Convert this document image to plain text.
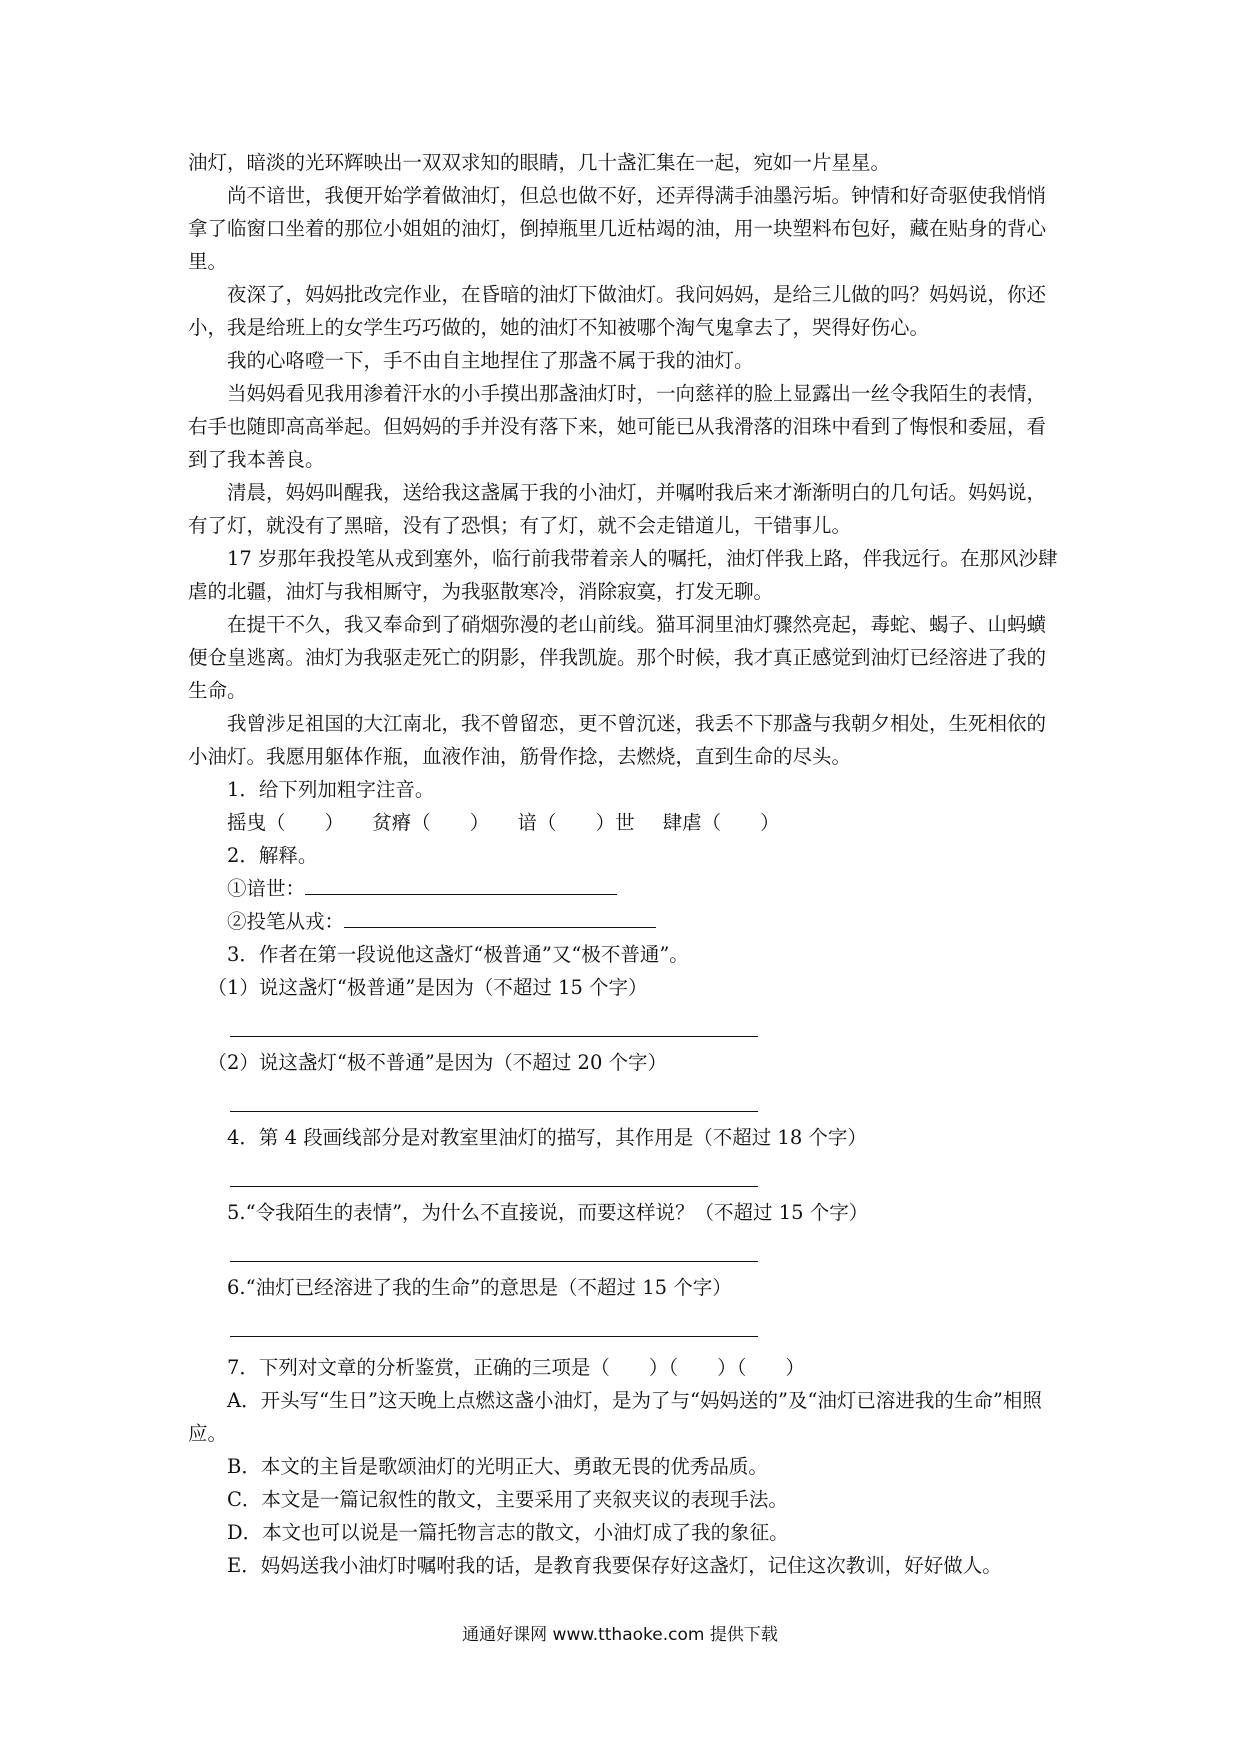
油灯，暗淡的光环辉映出一双双求知的眼睛，几十盏汇集在一起，宛如一片星星。

尚不谙世，我便开始学着做油灯，但总也做不好，还弄得满手油墨污垢。钟情和好奇驱使我悄悄拿了临窗口坐着的那位小姐姐的油灯，倒掉瓶里几近枯竭的油，用一块塑料布包好，藏在贴身的背心里。

夜深了，妈妈批改完作业，在昏暗的油灯下做油灯。我问妈妈，是给三儿做的吗？妈妈说，你还小，我是给班上的女学生巧巧做的，她的油灯不知被哪个淘气鬼拿去了，哭得好伤心。

我的心咯噔一下，手不由自主地捏住了那盏不属于我的油灯。

当妈妈看见我用渗着汗水的小手摸出那盏油灯时，一向慈祥的脸上显露出一丝令我陌生的表情，右手也随即高高举起。但妈妈的手并没有落下来，她可能已从我滑落的泪珠中看到了悔恨和委屈，看到了我本善良。

清晨，妈妈叫醒我，送给我这盏属于我的小油灯，并嘱咐我后来才渐渐明白的几句话。妈妈说，有了灯，就没有了黑暗，没有了恐惧；有了灯，就不会走错道儿，干错事儿。

17 岁那年我投笔从戎到塞外，临行前我带着亲人的嘱托，油灯伴我上路，伴我远行。在那风沙肆虐的北疆，油灯与我相厮守，为我驱散寒冷，消除寂寞，打发无聊。

在提干不久，我又奉命到了硝烟弥漫的老山前线。猫耳洞里油灯骤然亮起，毒蛇、蝎子、山蚂蟥便仓皇逃离。油灯为我驱走死亡的阴影，伴我凯旋。那个时候，我才真正感觉到油灯已经溶进了我的生命。

我曾涉足祖国的大江南北，我不曾留恋，更不曾沉迷，我丢不下那盏与我朝夕相处，生死相依的小油灯。我愿用躯体作瓶，血液作油，筋骨作捻，去燃烧，直到生命的尽头。

1．给下列加粗字注音。

摇曳（　　） 贫瘠（　　） 谙（　　）世 肆虐（　　）

2．解释。

①谙世：

②投笔从戎：

3．作者在第一段说他这盏灯“极普通”又“极不普通”。

（1）说这盏灯“极普通”是因为（不超过 15 个字）

（2）说这盏灯“极不普通”是因为（不超过 20 个字）

4．第 4 段画线部分是对教室里油灯的描写，其作用是（不超过 18 个字）

5.“令我陌生的表情”，为什么不直接说，而要这样说？（不超过 15 个字）

6.“油灯已经溶进了我的生命”的意思是（不超过 15 个字）

7．下列对文章的分析鉴赏，正确的三项是（　　）（　　）（　　）

A．开头写“生日”这天晚上点燃这盏小油灯，是为了与“妈妈送的”及“油灯已溶进我的生命”相照应。

B．本文的主旨是歌颂油灯的光明正大、勇敢无畏的优秀品质。

C．本文是一篇记叙性的散文，主要采用了夹叙夹议的表现手法。

D．本文也可以说是一篇托物言志的散文，小油灯成了我的象征。

E．妈妈送我小油灯时嘱咐我的话，是教育我要保存好这盏灯，记住这次教训，好好做人。

通通好课网 www.tthaoke.com 提供下载
